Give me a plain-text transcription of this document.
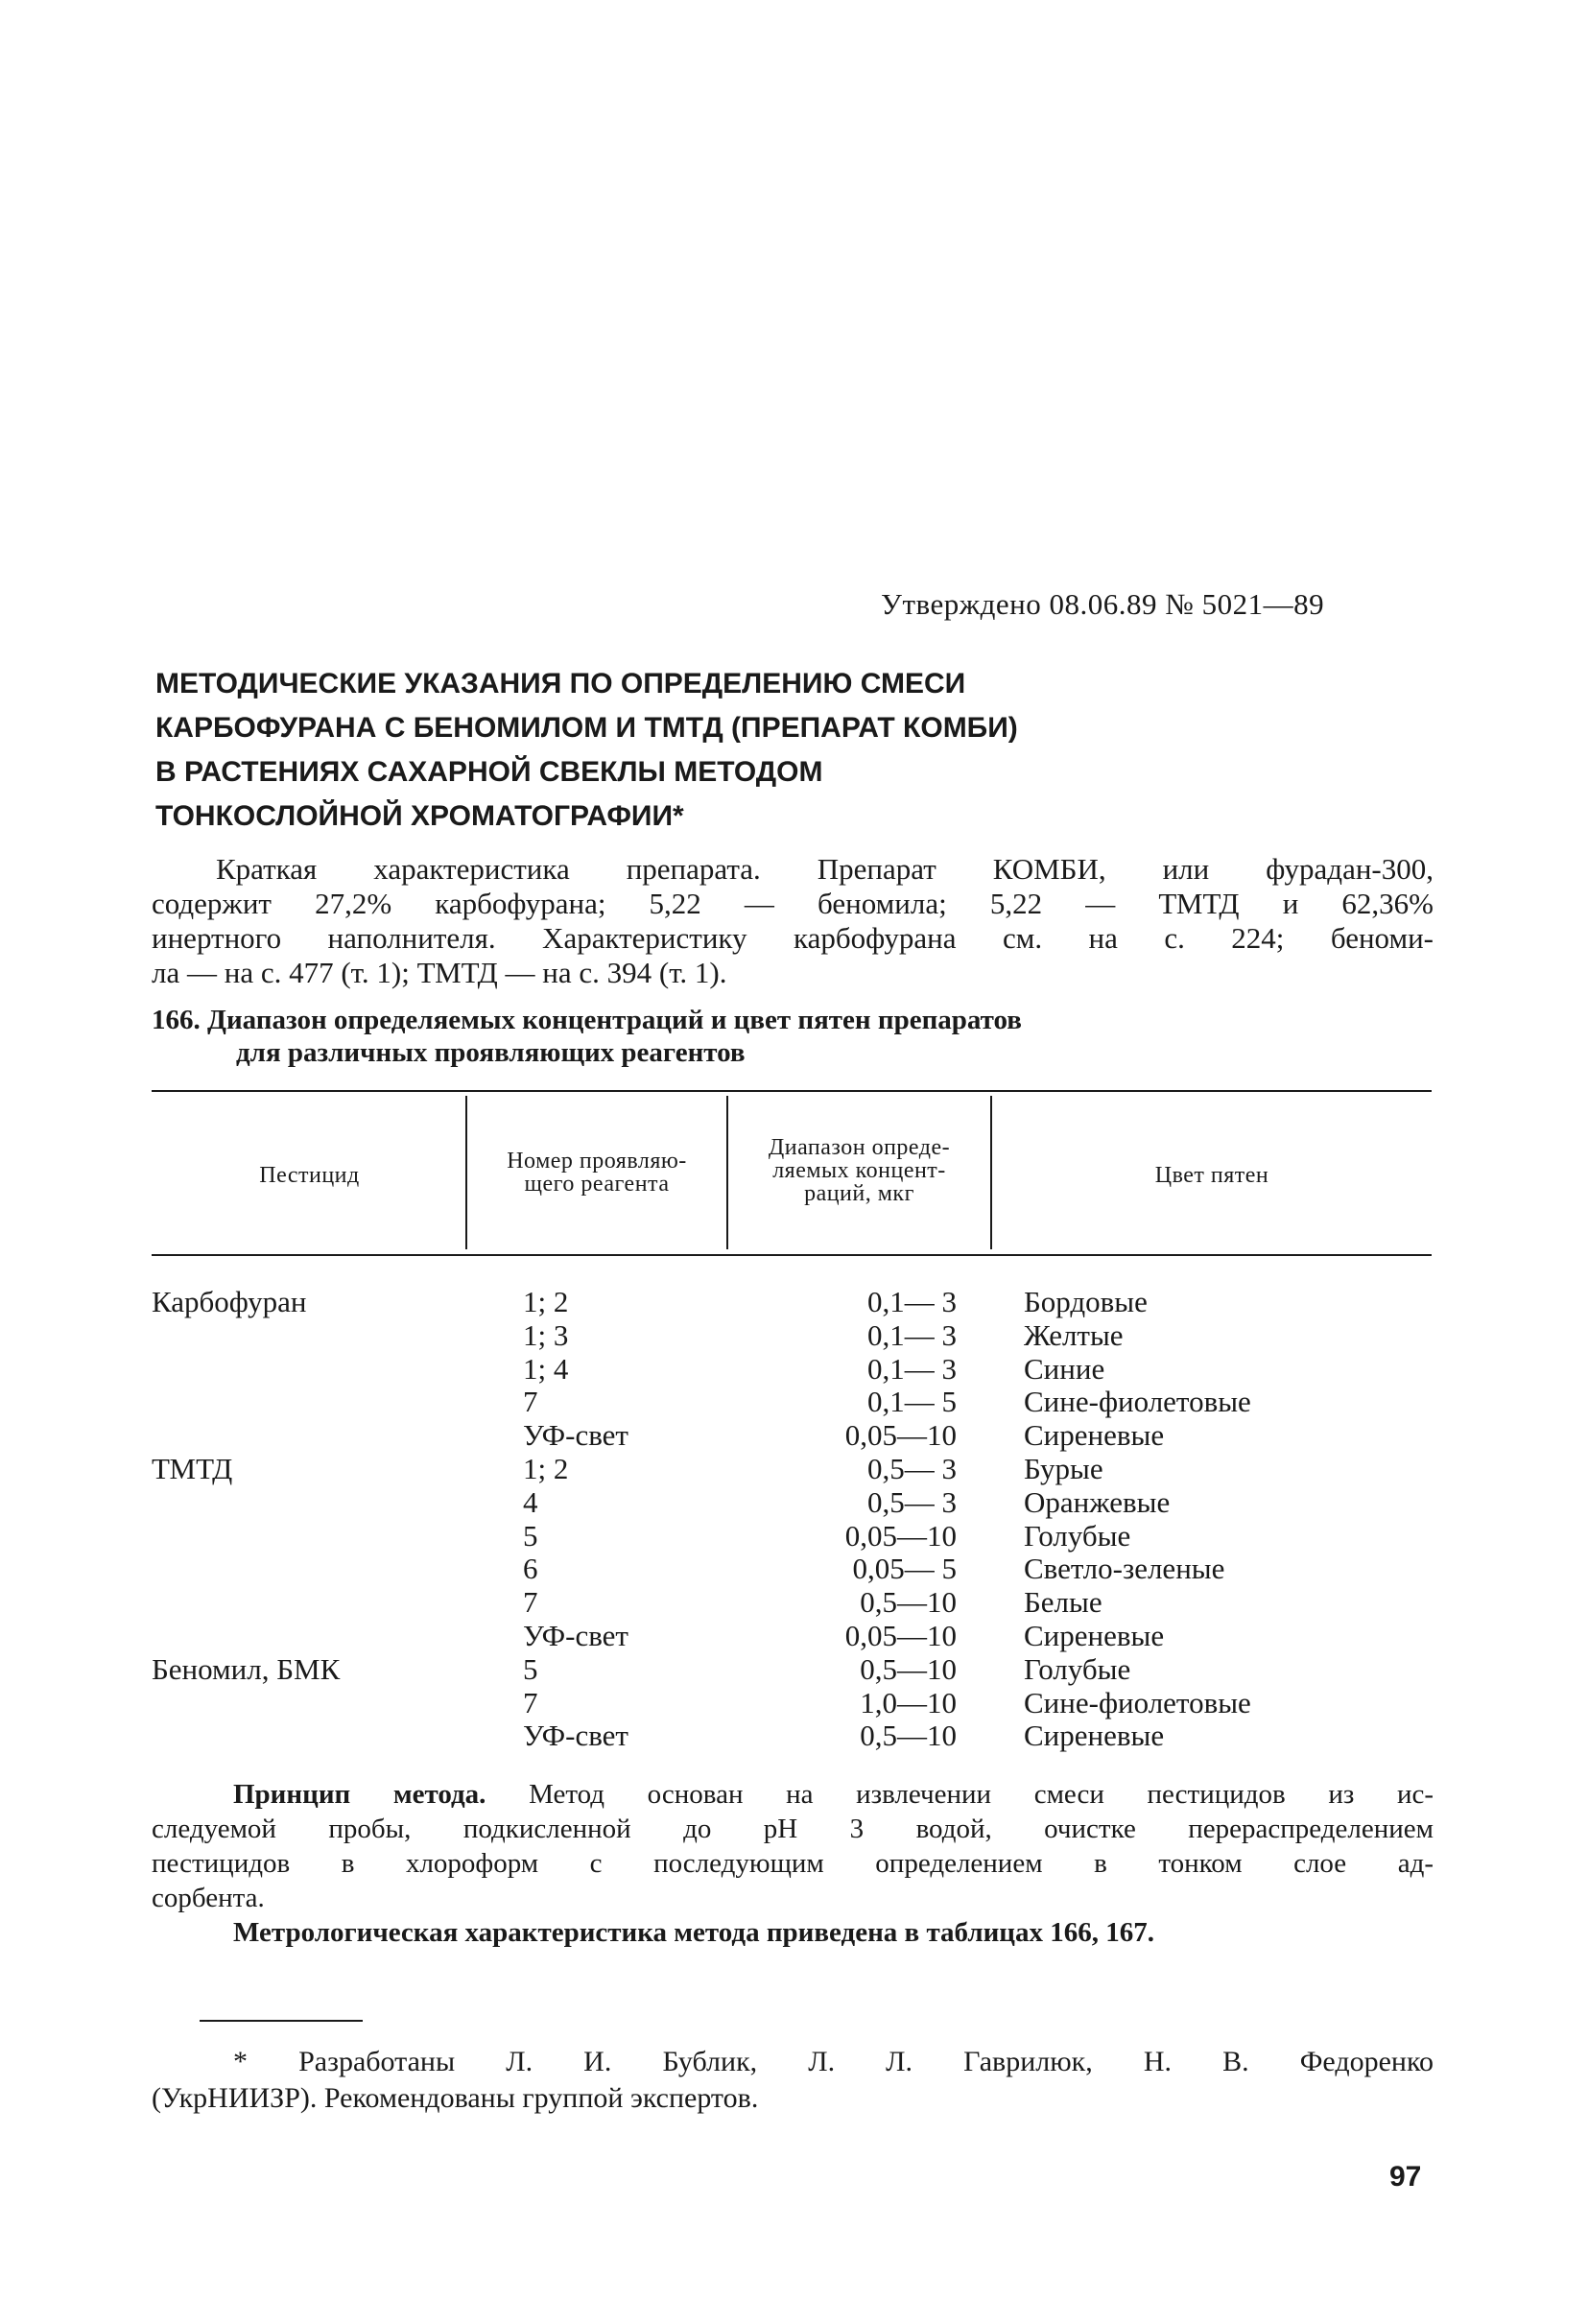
Утверждено 08.06.89 № 5021—89
МЕТОДИЧЕСКИЕ УКАЗАНИЯ ПО ОПРЕДЕЛЕНИЮ СМЕСИ
КАРБОФУРАНА С БЕНОМИЛОМ И ТМТД (ПРЕПАРАТ КОМБИ)
В РАСТЕНИЯХ САХАРНОЙ СВЕКЛЫ МЕТОДОМ
ТОНКОСЛОЙНОЙ ХРОМАТОГРАФИИ*
Краткая характеристика препарата. Препарат КОМБИ, или фурадан-300,
содержит 27,2% карбофурана; 5,22 — беномила; 5,22 — ТМТД и 62,36%
инертного наполнителя. Характеристику карбофурана см. на с. 224; беноми-
ла — на с. 477 (т. 1); ТМТД — на с. 394 (т. 1).
166. Диапазон определяемых концентраций и цвет пятен препаратов
для различных проявляющих реагентов
Пестицид
Номер проявляю-
щего реагента
Диапазон опреде-
ляемых концент-
раций, мкг
Цвет пятен
Карбофуран
ТМТД
Беномил, БМК
1; 2
1; 3
1; 4
7
УФ-свет
1; 2
4
5
6
7
УФ-свет
5
7
УФ-свет
0,1— 3
0,1— 3
0,1— 3
0,1— 5
0,05—10
0,5— 3
0,5— 3
0,05—10
0,05— 5
0,5—10
0,05—10
0,5—10
1,0—10
0,5—10
Бордовые
Желтые
Синие
Сине-фиолетовые
Сиреневые
Бурые
Оранжевые
Голубые
Светло-зеленые
Белые
Сиреневые
Голубые
Сине-фиолетовые
Сиреневые
Принцип метода. Метод основан на извлечении смеси пестицидов из ис-
следуемой пробы, подкисленной до pH 3 водой, очистке перераспределением
пестицидов в хлороформ с последующим определением в тонком слое ад-
сорбента.
Метрологическая характеристика метода приведена в таблицах 166, 167.
* Разработаны Л. И. Бублик, Л. Л. Гаврилюк, Н. В. Федоренко
(УкрНИИЗР). Рекомендованы группой экспертов.
97
